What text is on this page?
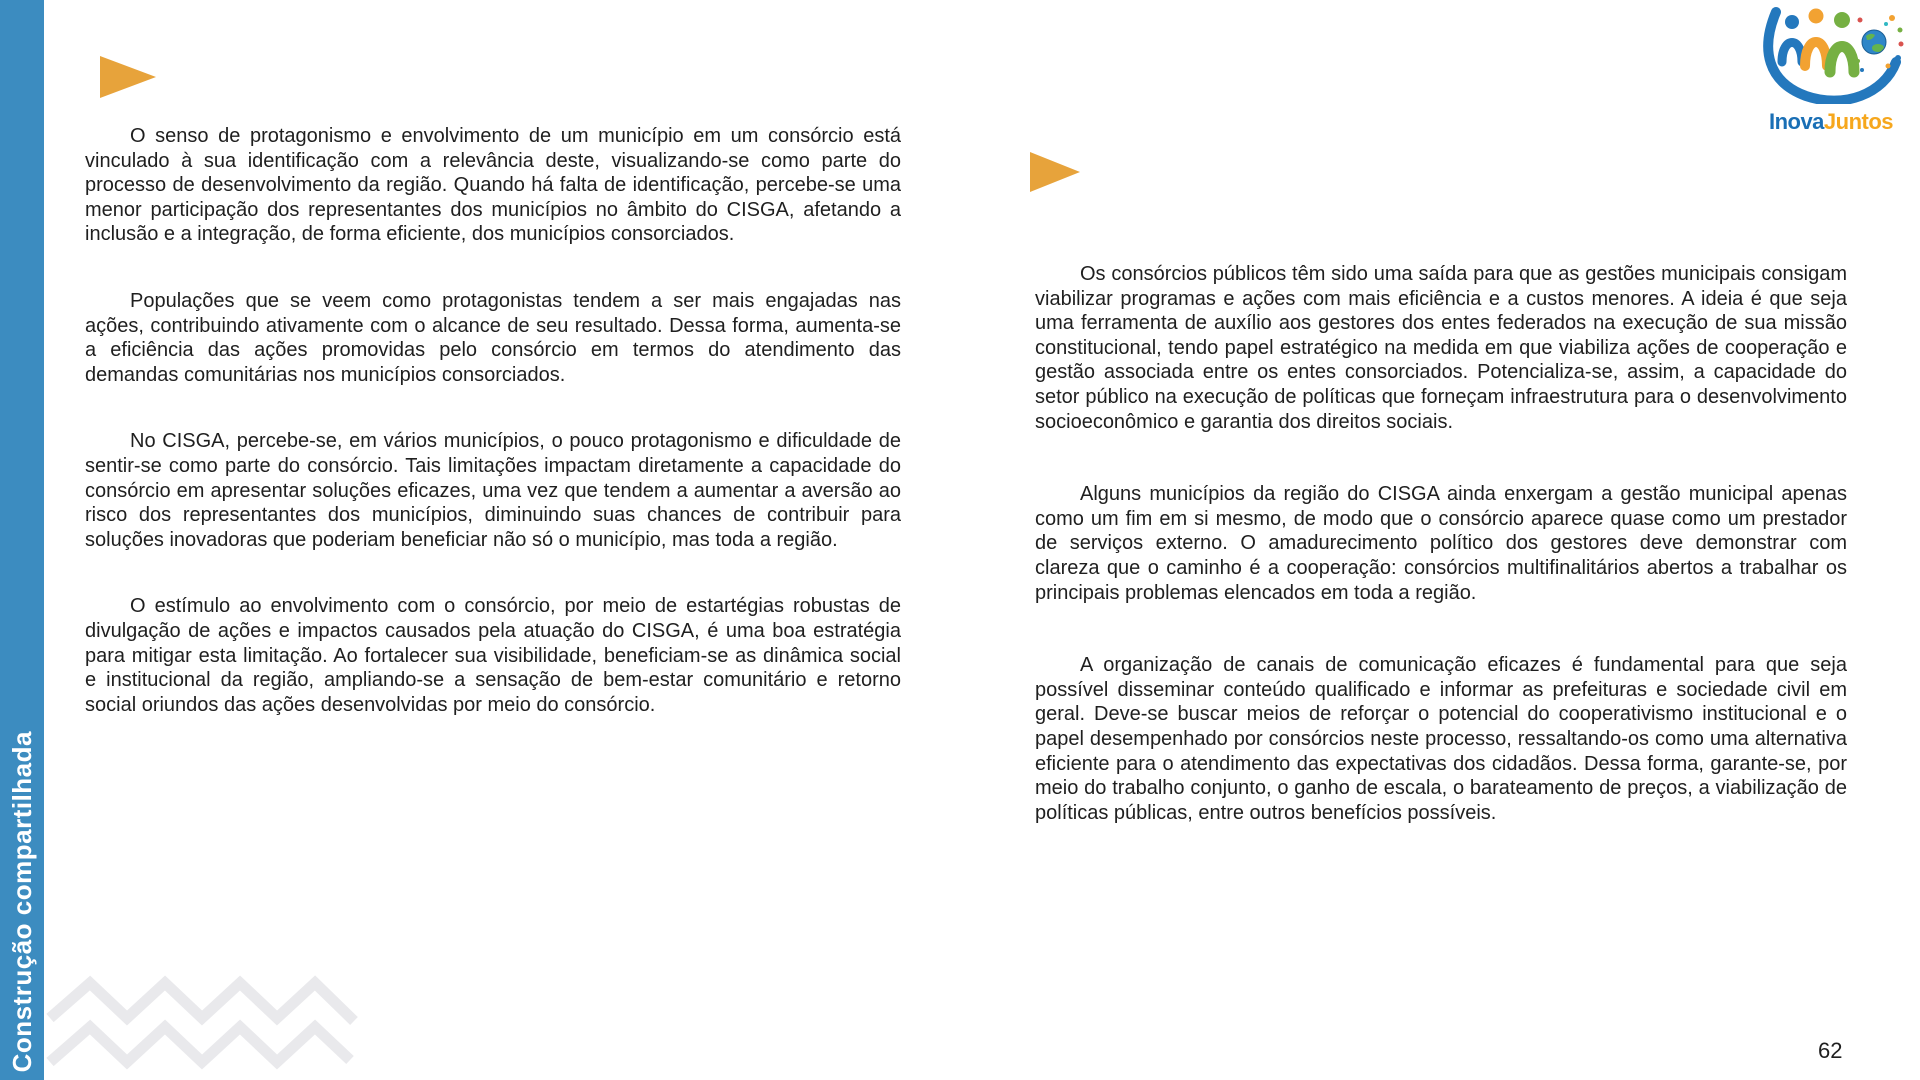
Construção compartilhada

O senso de protagonismo e envolvimento de um município em um consórcio está vinculado à sua identificação com a relevância deste, visualizando-se como parte do processo de desenvolvimento da região. Quando há falta de identificação, percebe-se uma menor participação dos representantes dos municípios no âmbito do CISGA, afetando a inclusão e a integração, de forma eficiente, dos municípios consorciados.

Populações que se veem como protagonistas tendem a ser mais engajadas nas ações, contribuindo ativamente com o alcance de seu resultado. Dessa forma, aumenta-se a eficiência das ações promovidas pelo consórcio em termos do atendimento das demandas comunitárias nos municípios consorciados.

No CISGA, percebe-se, em vários municípios, o pouco protagonismo e dificuldade de sentir-se como parte do consórcio. Tais limitações impactam diretamente a capacidade do consórcio em apresentar soluções eficazes, uma vez que tendem a aumentar a aversão ao risco dos representantes dos municípios, diminuindo suas chances de contribuir para soluções inovadoras que poderiam beneficiar não só o município, mas toda a região.

O estímulo ao envolvimento com o consórcio, por meio de estartégias robustas de divulgação de ações e impactos causados pela atuação do CISGA, é uma boa estratégia para mitigar esta limitação. Ao fortalecer sua visibilidade, beneficiam-se as dinâmica social e institucional da região, ampliando-se a sensação de bem-estar comunitário e retorno social oriundos das ações desenvolvidas por meio do consórcio.

Os consórcios públicos têm sido uma saída para que as gestões municipais consigam viabilizar programas e ações com mais eficiência e a custos menores. A ideia é que seja uma ferramenta de auxílio aos gestores dos entes federados na execução de sua missão constitucional, tendo papel estratégico na medida em que viabiliza ações de cooperação e gestão associada entre os entes consorciados. Potencializa-se, assim, a capacidade do setor público na execução de políticas que forneçam infraestrutura para o desenvolvimento socioeconômico e garantia dos direitos sociais.

Alguns municípios da região do CISGA ainda enxergam a gestão municipal apenas como um fim em si mesmo, de modo que o consórcio aparece quase como um prestador de serviços externo. O amadurecimento político dos gestores deve demonstrar com clareza que o caminho é a cooperação: consórcios multifinalitários abertos a trabalhar os principais problemas elencados em toda a região.

A organização de canais de comunicação eficazes é fundamental para que seja possível disseminar conteúdo qualificado e informar as prefeituras e sociedade civil em geral. Deve-se buscar meios de reforçar o potencial do cooperativismo institucional e o papel desempenhado por consórcios neste processo, ressaltando-os como uma alternativa eficiente para o atendimento das expectativas dos cidadãos. Dessa forma, garante-se, por meio do trabalho conjunto, o ganho de escala, o barateamento de preços, a viabilização de políticas públicas, entre outros benefícios possíveis.

InovaJuntos
62
